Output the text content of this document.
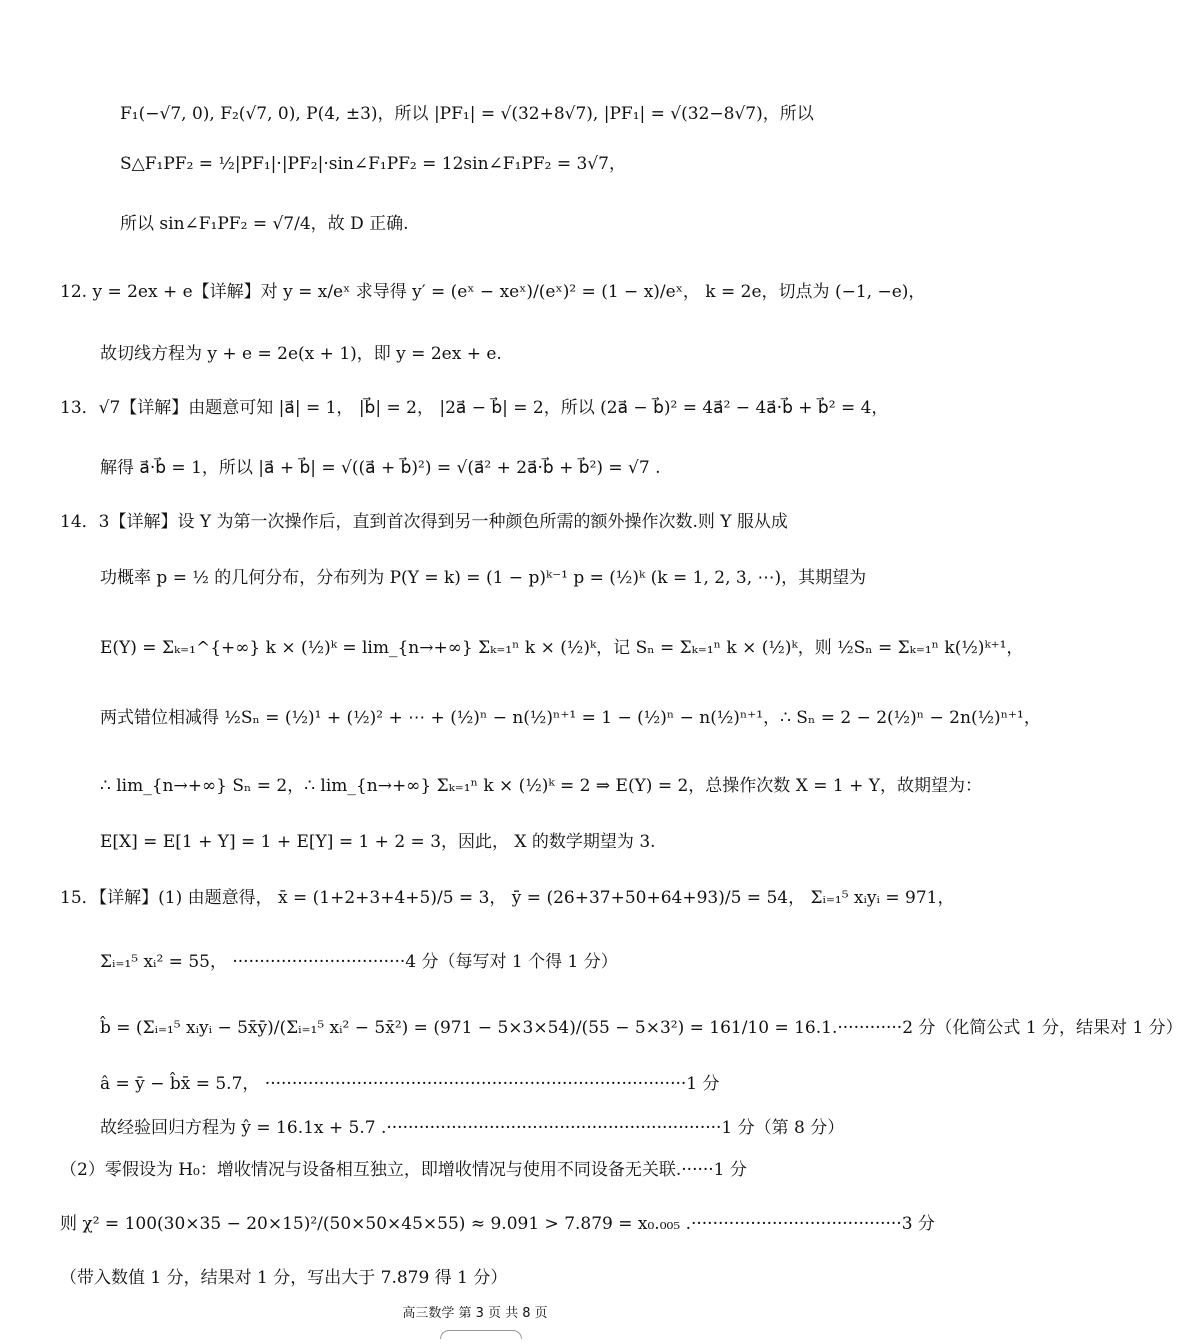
F₁(−√7, 0), F₂(√7, 0), P(4, ±3)，所以 |PF₁| = √(32+8√7), |PF₁| = √(32−8√7)，所以
S△F₁PF₂ = ½|PF₁|·|PF₂|·sin∠F₁PF₂ = 12sin∠F₁PF₂ = 3√7，
所以 sin∠F₁PF₂ = √7/4，故 D 正确.
12. y = 2ex + e【详解】对 y = x/eˣ 求导得 y′ = (eˣ − xeˣ)/(eˣ)² = (1 − x)/eˣ， k = 2e，切点为 (−1, −e)，
故切线方程为 y + e = 2e(x + 1)，即 y = 2ex + e.
13．√7【详解】由题意可知 |a⃗| = 1， |b⃗| = 2， |2a⃗ − b⃗| = 2，所以 (2a⃗ − b⃗)² = 4a⃗² − 4a⃗·b⃗ + b⃗² = 4，
解得 a⃗·b⃗ = 1，所以 |a⃗ + b⃗| = √((a⃗ + b⃗)²) = √(a⃗² + 2a⃗·b⃗ + b⃗²) = √7 .
14．3【详解】设 Y 为第一次操作后，直到首次得到另一种颜色所需的额外操作次数.则 Y 服从成
功概率 p = ½ 的几何分布，分布列为 P(Y = k) = (1 − p)ᵏ⁻¹ p = (½)ᵏ (k = 1, 2, 3, ⋯)，其期望为
E(Y) = Σₖ₌₁^{+∞} k × (½)ᵏ = lim_{n→+∞} Σₖ₌₁ⁿ k × (½)ᵏ，记 Sₙ = Σₖ₌₁ⁿ k × (½)ᵏ，则 ½Sₙ = Σₖ₌₁ⁿ k(½)ᵏ⁺¹，
两式错位相减得 ½Sₙ = (½)¹ + (½)² + ⋯ + (½)ⁿ − n(½)ⁿ⁺¹ = 1 − (½)ⁿ − n(½)ⁿ⁺¹，∴ Sₙ = 2 − 2(½)ⁿ − 2n(½)ⁿ⁺¹，
∴ lim_{n→+∞} Sₙ = 2，∴ lim_{n→+∞} Σₖ₌₁ⁿ k × (½)ᵏ = 2 ⇒ E(Y) = 2，总操作次数 X = 1 + Y，故期望为：
E[X] = E[1 + Y] = 1 + E[Y] = 1 + 2 = 3，因此， X 的数学期望为 3.
15．【详解】(1) 由题意得， x̄ = (1+2+3+4+5)/5 = 3， ȳ = (26+37+50+64+93)/5 = 54， Σᵢ₌₁⁵ xᵢyᵢ = 971，
Σᵢ₌₁⁵ xᵢ² = 55， ································4 分（每写对 1 个得 1 分）
b̂ = (Σᵢ₌₁⁵ xᵢyᵢ − 5x̄ȳ)/(Σᵢ₌₁⁵ xᵢ² − 5x̄²) = (971 − 5×3×54)/(55 − 5×3²) = 161/10 = 16.1.············2 分（化简公式 1 分，结果对 1 分）
â = ȳ − b̂x̄ = 5.7， ··············································································1 分
故经验回归方程为 ŷ = 16.1x + 5.7 .······························································1 分（第 8 分）
（2）零假设为 H₀：增收情况与设备相互独立，即增收情况与使用不同设备无关联.······1 分
则 χ² = 100(30×35 − 20×15)²/(50×50×45×55) ≈ 9.091 > 7.879 = x₀.₀₀₅ .·······································3 分
（带入数值 1 分，结果对 1 分，写出大于 7.879 得 1 分）
高三数学 第 3 页 共 8 页
